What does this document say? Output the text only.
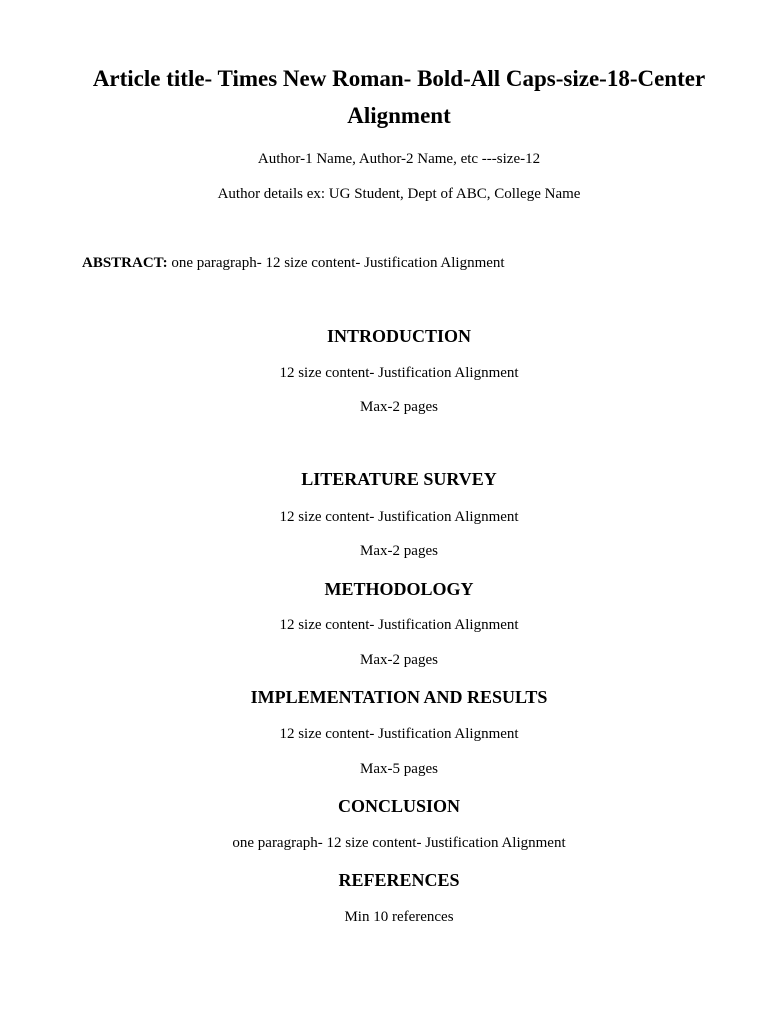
Article title- Times New Roman- Bold-All Caps-size-18-Center Alignment
Author-1 Name, Author-2 Name, etc ---size-12
Author details ex: UG Student, Dept of ABC, College Name
ABSTRACT: one paragraph- 12 size content- Justification Alignment
INTRODUCTION
12 size content- Justification Alignment
Max-2 pages
LITERATURE SURVEY
12 size content- Justification Alignment
Max-2 pages
METHODOLOGY
12 size content- Justification Alignment
Max-2 pages
IMPLEMENTATION AND RESULTS
12 size content- Justification Alignment
Max-5 pages
CONCLUSION
one paragraph- 12 size content- Justification Alignment
REFERENCES
Min 10 references
